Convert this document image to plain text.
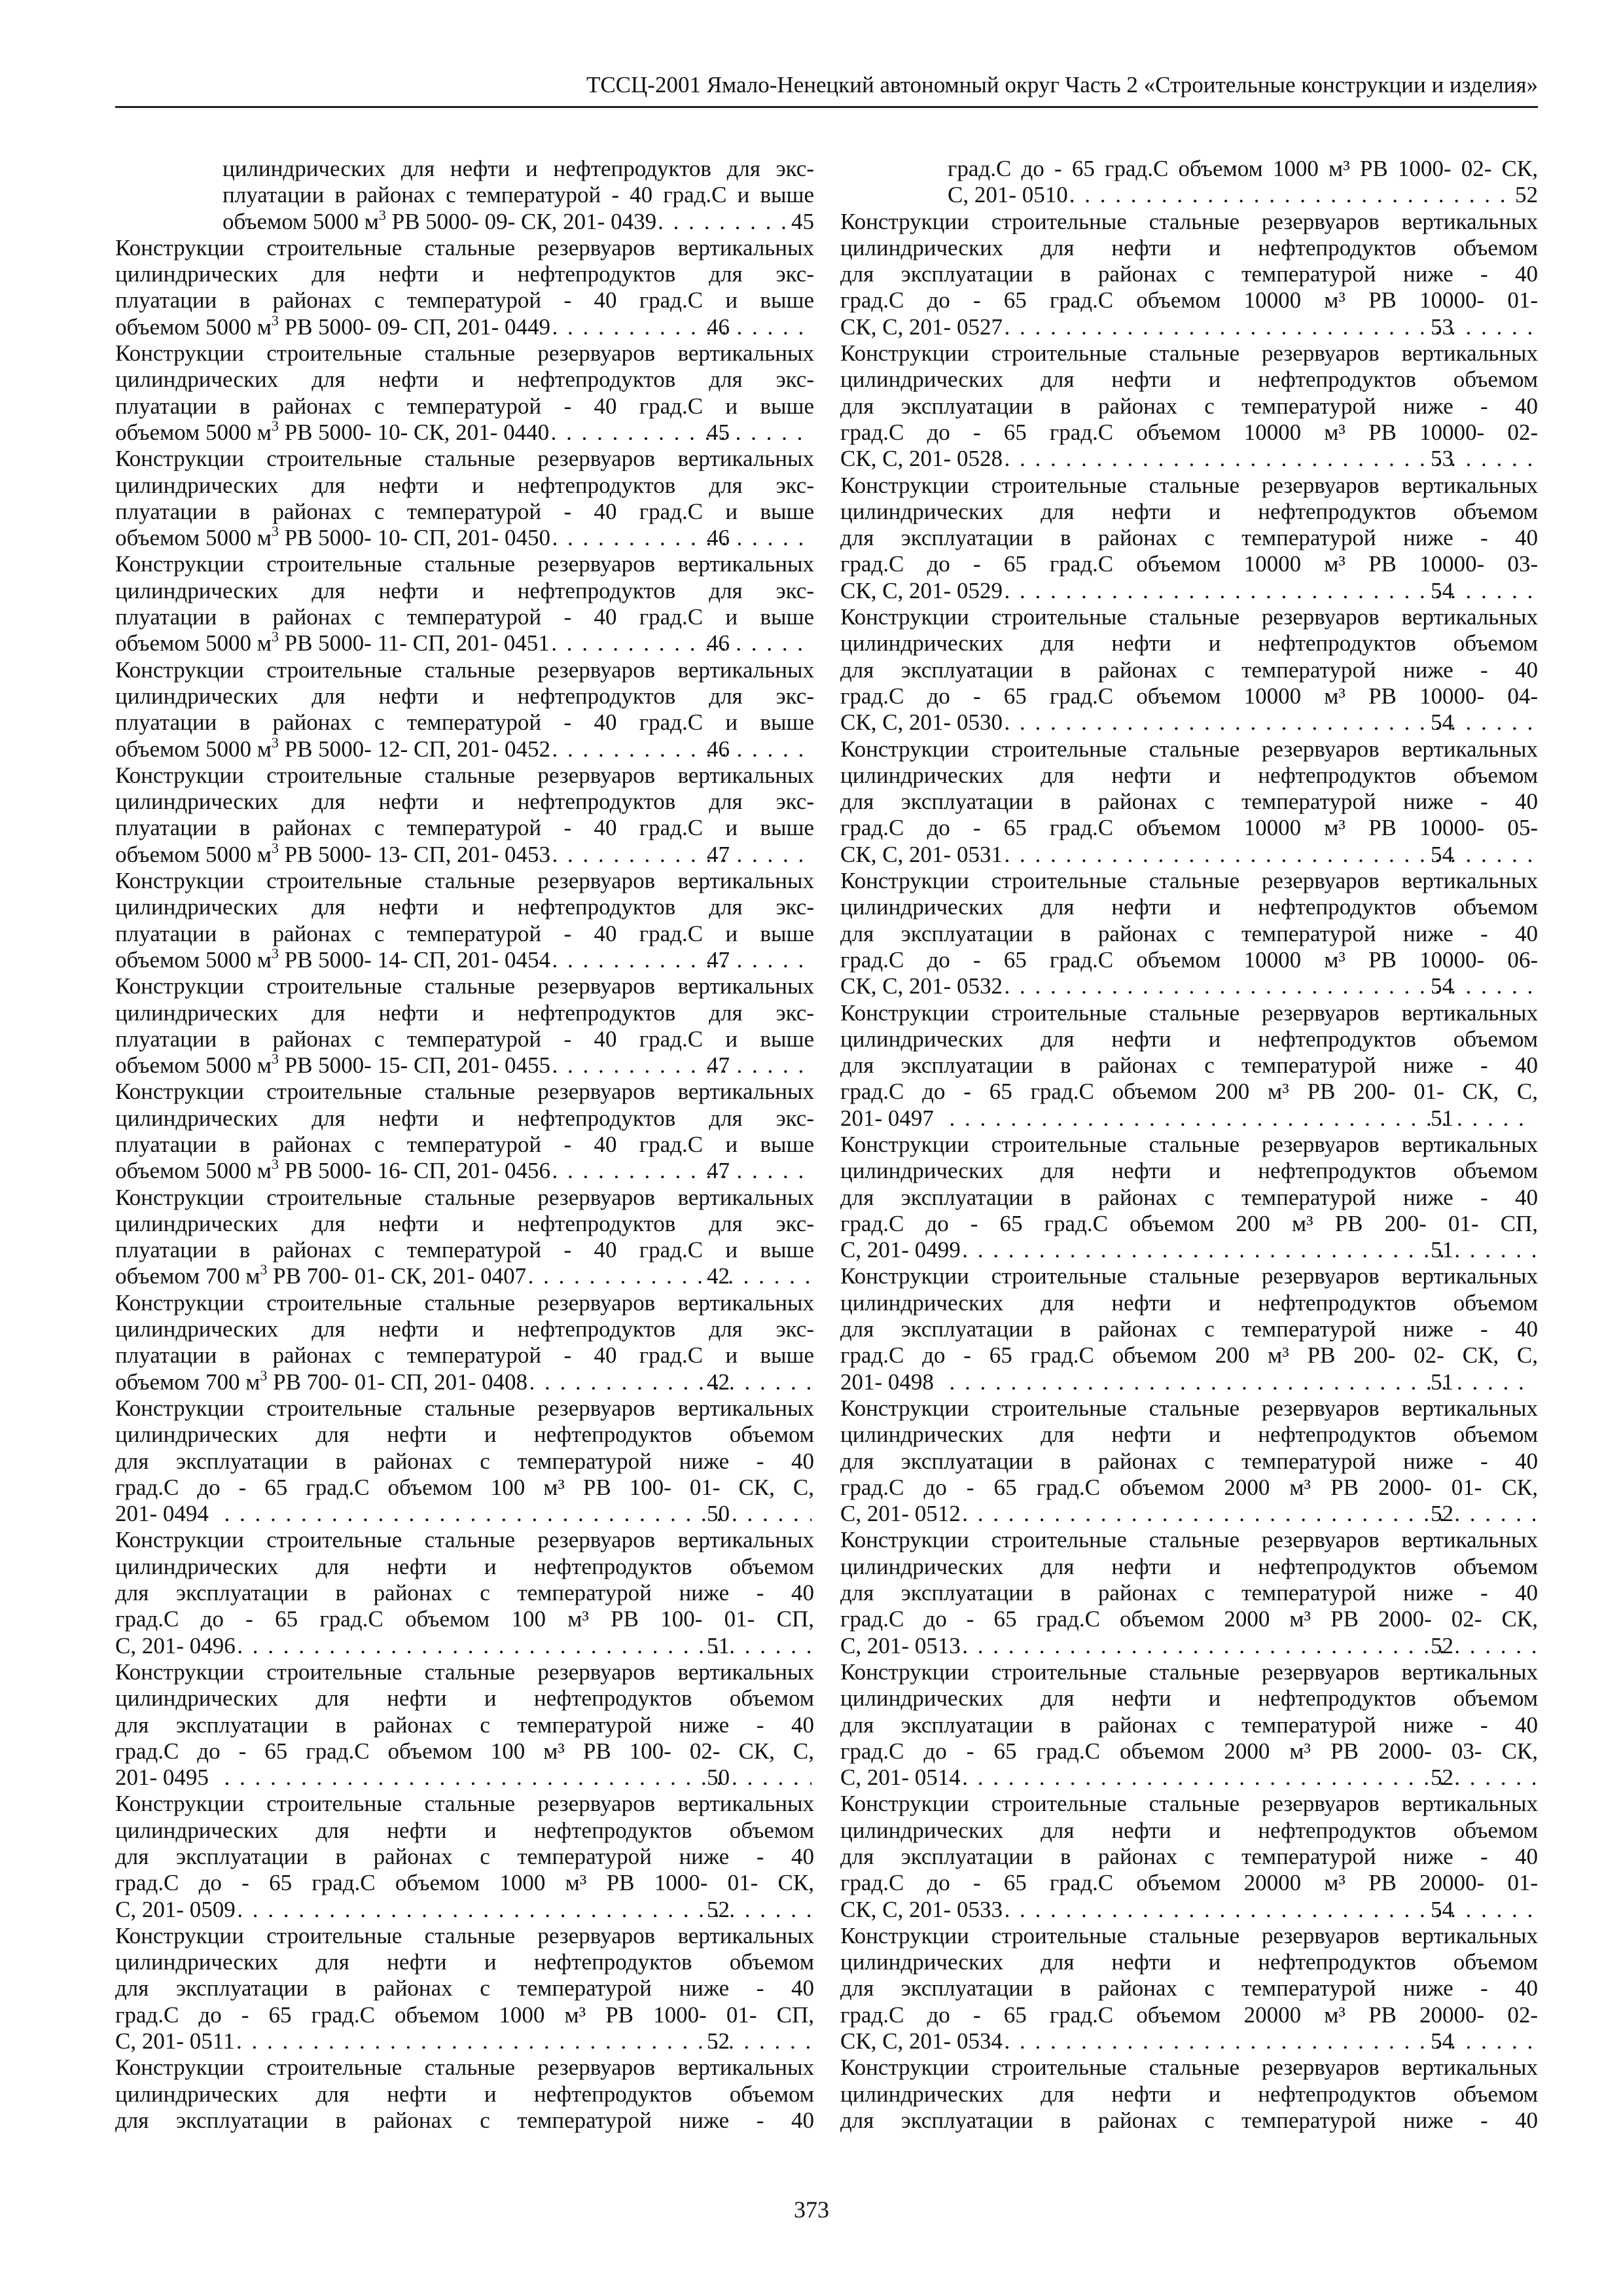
ТССЦ-2001 Ямало-Ненецкий автономный округ Часть 2 «Строительные конструкции и изделия»
цилиндрических для нефти и нефтепродуктов для экс-
плуатации в районах с температурой - 40 град.С и выше
объемом 5000 $м^3$ РВ 5000- 09- СК, 201- 0439 . . .	45
Конструкции строительные стальные резервуаров вертикальных
цилиндрических для нефти и нефтепродуктов для экс-
плуатации в районах с температурой - 40 град.С и выше
объемом 5000 $м^3$ РВ 5000- 09- СП, 201- 0449 . . .	46
Конструкции строительные стальные резервуаров вертикальных
цилиндрических для нефти и нефтепродуктов для экс-
плуатации в районах с температурой - 40 град.С и выше
объемом 5000 $м^3$ РВ 5000- 10- СК, 201- 0440 . . .	45
Конструкции строительные стальные резервуаров вертикальных
цилиндрических для нефти и нефтепродуктов для экс-
плуатации в районах с температурой - 40 град.С и выше
объемом 5000 $м^3$ РВ 5000- 10- СП, 201- 0450 . . .	46
Конструкции строительные стальные резервуаров вертикальных
цилиндрических для нефти и нефтепродуктов для экс-
плуатации в районах с температурой - 40 град.С и выше
объемом 5000 $м^3$ РВ 5000- 11- СП, 201- 0451 . . .	46
Конструкции строительные стальные резервуаров вертикальных
цилиндрических для нефти и нефтепродуктов для экс-
плуатации в районах с температурой - 40 град.С и выше
объемом 5000 $м^3$ РВ 5000- 12- СП, 201- 0452 . . .	46
Конструкции строительные стальные резервуаров вертикальных
цилиндрических для нефти и нефтепродуктов для экс-
плуатации в районах с температурой - 40 град.С и выше
объемом 5000 $м^3$ РВ 5000- 13- СП, 201- 0453 . . .	47
Конструкции строительные стальные резервуаров вертикальных
цилиндрических для нефти и нефтепродуктов для экс-
плуатации в районах с температурой - 40 град.С и выше
объемом 5000 $м^3$ РВ 5000- 14- СП, 201- 0454 . . .	47
Конструкции строительные стальные резервуаров вертикальных
цилиндрических для нефти и нефтепродуктов для экс-
плуатации в районах с температурой - 40 град.С и выше
объемом 5000 $м^3$ РВ 5000- 15- СП, 201- 0455 . . .	47
Конструкции строительные стальные резервуаров вертикальных
цилиндрических для нефти и нефтепродуктов для экс-
плуатации в районах с температурой - 40 град.С и выше
объемом 5000 $м^3$ РВ 5000- 16- СП, 201- 0456 . . .	47
Конструкции строительные стальные резервуаров вертикальных
цилиндрических для нефти и нефтепродуктов для экс-
плуатации в районах с температурой - 40 град.С и выше
объемом 700 $м^3$ РВ 700- 01- СК, 201- 0407 . . .	42
Конструкции строительные стальные резервуаров вертикальных
цилиндрических для нефти и нефтепродуктов для экс-
плуатации в районах с температурой - 40 град.С и выше
объемом 700 $м^3$ РВ 700- 01- СП, 201- 0408 . . .	42
Конструкции строительные стальные резервуаров вертикальных
цилиндрических для нефти и нефтепродуктов объемом
для эксплуатации в районах с температурой ниже - 40
град.С до - 65 град.С объемом 100 м³ РВ 100- 01- СК, С,
201- 0494 . . .	50
Конструкции строительные стальные резервуаров вертикальных
цилиндрических для нефти и нефтепродуктов объемом
для эксплуатации в районах с температурой ниже - 40
град.С до - 65 град.С объемом 100 м³ РВ 100- 01- СП,
С, 201- 0496 . . .	51
Конструкции строительные стальные резервуаров вертикальных
цилиндрических для нефти и нефтепродуктов объемом
для эксплуатации в районах с температурой ниже - 40
град.С до - 65 град.С объемом 100 м³ РВ 100- 02- СК, С,
201- 0495 . . .	50
Конструкции строительные стальные резервуаров вертикальных
цилиндрических для нефти и нефтепродуктов объемом
для эксплуатации в районах с температурой ниже - 40
град.С до - 65 град.С объемом 1000 м³ РВ 1000- 01- СК,
С, 201- 0509 . . .	52
Конструкции строительные стальные резервуаров вертикальных
цилиндрических для нефти и нефтепродуктов объемом
для эксплуатации в районах с температурой ниже - 40
град.С до - 65 град.С объемом 1000 м³ РВ 1000- 01- СП,
С, 201- 0511 . . .	52
Конструкции строительные стальные резервуаров вертикальных
цилиндрических для нефти и нефтепродуктов объемом
для эксплуатации в районах с температурой ниже - 40
град.С до - 65 град.С объемом 1000 м³ РВ 1000- 02- СК,
С, 201- 0510 . . .	52
Конструкции строительные стальные резервуаров вертикальных
цилиндрических для нефти и нефтепродуктов объемом
для эксплуатации в районах с температурой ниже - 40
град.С до - 65 град.С объемом 10000 м³ РВ 10000- 01-
СК, С, 201- 0527 . . .	53
Конструкции строительные стальные резервуаров вертикальных
цилиндрических для нефти и нефтепродуктов объемом
для эксплуатации в районах с температурой ниже - 40
град.С до - 65 град.С объемом 10000 м³ РВ 10000- 02-
СК, С, 201- 0528 . . .	53
Конструкции строительные стальные резервуаров вертикальных
цилиндрических для нефти и нефтепродуктов объемом
для эксплуатации в районах с температурой ниже - 40
град.С до - 65 град.С объемом 10000 м³ РВ 10000- 03-
СК, С, 201- 0529 . . .	54
Конструкции строительные стальные резервуаров вертикальных
цилиндрических для нефти и нефтепродуктов объемом
для эксплуатации в районах с температурой ниже - 40
град.С до - 65 град.С объемом 10000 м³ РВ 10000- 04-
СК, С, 201- 0530 . . .	54
Конструкции строительные стальные резервуаров вертикальных
цилиндрических для нефти и нефтепродуктов объемом
для эксплуатации в районах с температурой ниже - 40
град.С до - 65 град.С объемом 10000 м³ РВ 10000- 05-
СК, С, 201- 0531 . . .	54
Конструкции строительные стальные резервуаров вертикальных
цилиндрических для нефти и нефтепродуктов объемом
для эксплуатации в районах с температурой ниже - 40
град.С до - 65 град.С объемом 10000 м³ РВ 10000- 06-
СК, С, 201- 0532 . . .	54
Конструкции строительные стальные резервуаров вертикальных
цилиндрических для нефти и нефтепродуктов объемом
для эксплуатации в районах с температурой ниже - 40
град.С до - 65 град.С объемом 200 м³ РВ 200- 01- СК, С,
201- 0497 . . .	51
Конструкции строительные стальные резервуаров вертикальных
цилиндрических для нефти и нефтепродуктов объемом
для эксплуатации в районах с температурой ниже - 40
град.С до - 65 град.С объемом 200 м³ РВ 200- 01- СП,
С, 201- 0499 . . .	51
Конструкции строительные стальные резервуаров вертикальных
цилиндрических для нефти и нефтепродуктов объемом
для эксплуатации в районах с температурой ниже - 40
град.С до - 65 град.С объемом 200 м³ РВ 200- 02- СК, С,
201- 0498 . . .	51
Конструкции строительные стальные резервуаров вертикальных
цилиндрических для нефти и нефтепродуктов объемом
для эксплуатации в районах с температурой ниже - 40
град.С до - 65 град.С объемом 2000 м³ РВ 2000- 01- СК,
С, 201- 0512 . . .	52
Конструкции строительные стальные резервуаров вертикальных
цилиндрических для нефти и нефтепродуктов объемом
для эксплуатации в районах с температурой ниже - 40
град.С до - 65 град.С объемом 2000 м³ РВ 2000- 02- СК,
С, 201- 0513 . . .	52
Конструкции строительные стальные резервуаров вертикальных
цилиндрических для нефти и нефтепродуктов объемом
для эксплуатации в районах с температурой ниже - 40
град.С до - 65 град.С объемом 2000 м³ РВ 2000- 03- СК,
С, 201- 0514 . . .	52
Конструкции строительные стальные резервуаров вертикальных
цилиндрических для нефти и нефтепродуктов объемом
для эксплуатации в районах с температурой ниже - 40
град.С до - 65 град.С объемом 20000 м³ РВ 20000- 01-
СК, С, 201- 0533 . . .	54
Конструкции строительные стальные резервуаров вертикальных
цилиндрических для нефти и нефтепродуктов объемом
для эксплуатации в районах с температурой ниже - 40
град.С до - 65 град.С объемом 20000 м³ РВ 20000- 02-
СК, С, 201- 0534 . . .	54
Конструкции строительные стальные резервуаров вертикальных
цилиндрических для нефти и нефтепродуктов объемом
для эксплуатации в районах с температурой ниже - 40
373
